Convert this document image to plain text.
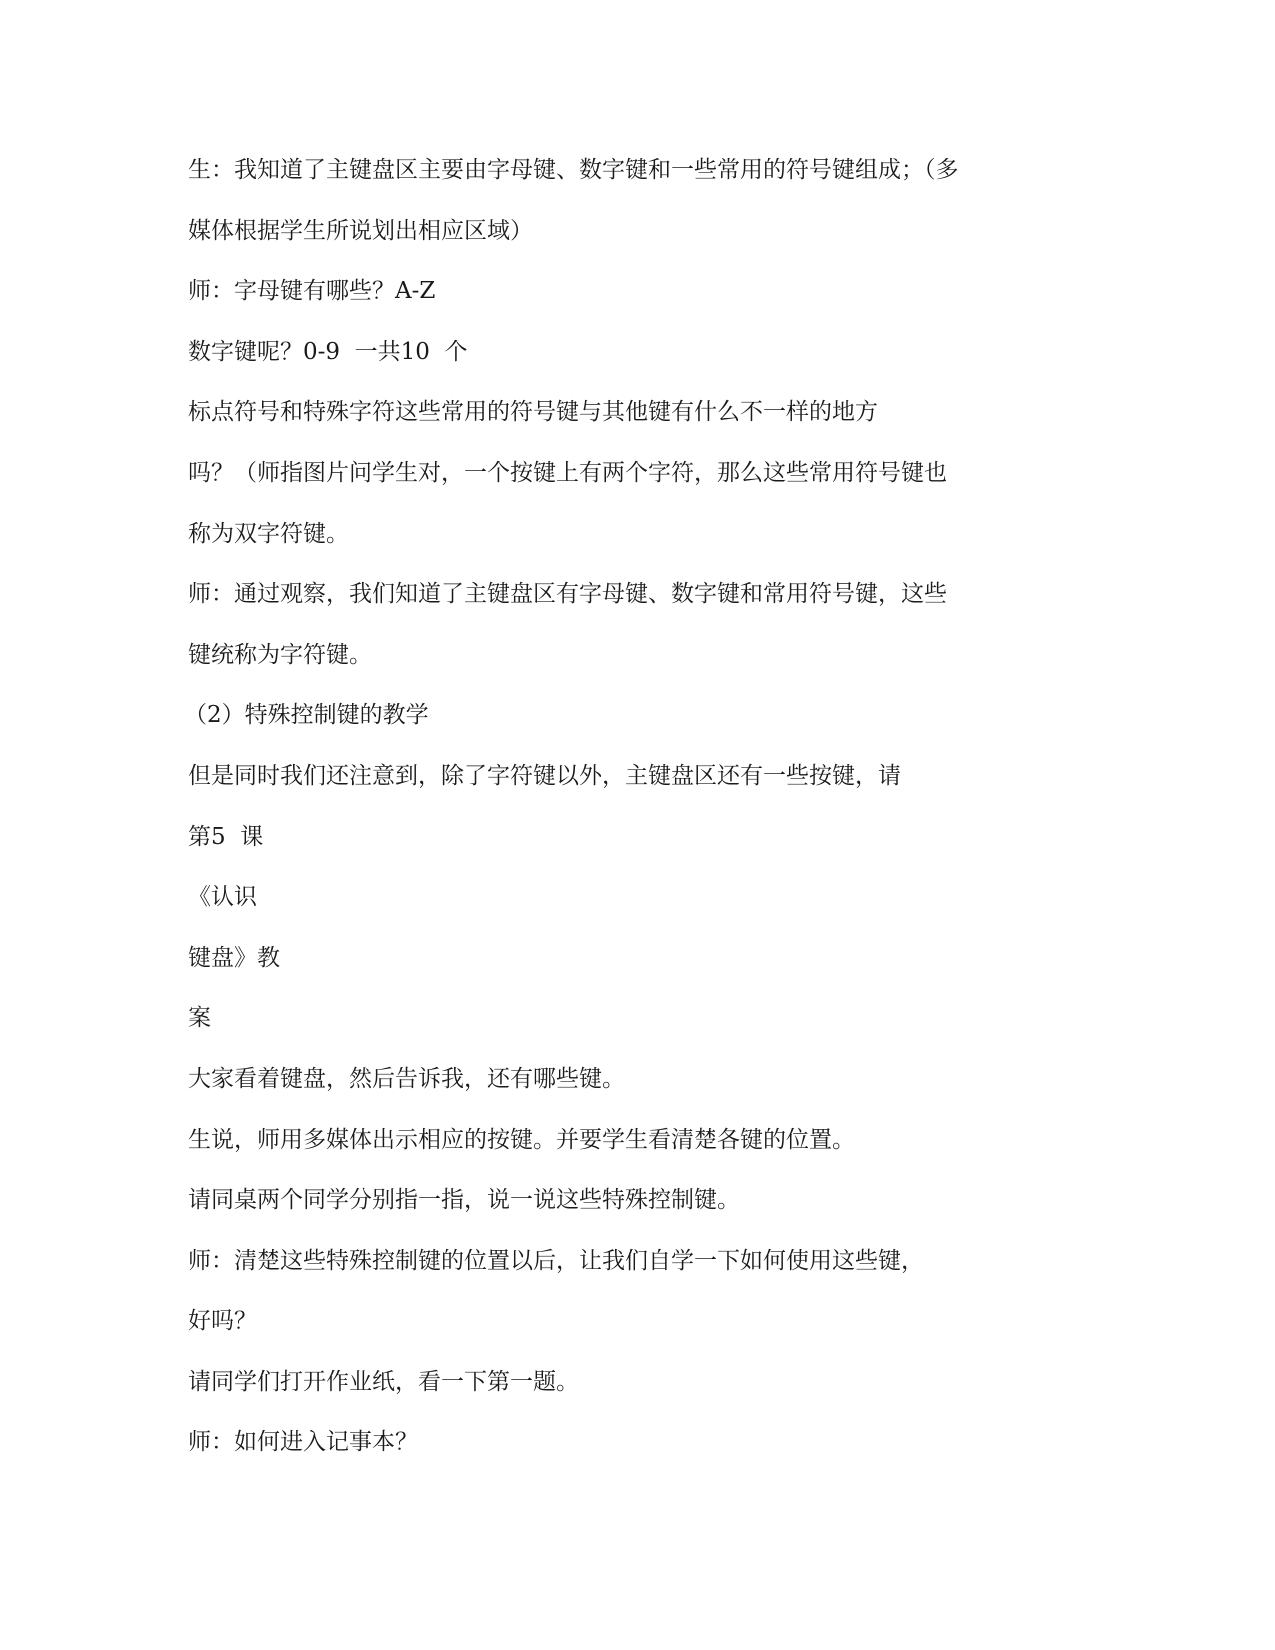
生：我知道了主键盘区主要由字母键、数字键和一些常用的符号键组成；（多

媒体根据学生所说划出相应区域）

师：字母键有哪些？A-Z

数字键呢？0-9  一共10  个

标点符号和特殊字符这些常用的符号键与其他键有什么不一样的地方

吗？（师指图片问学生对，一个按键上有两个字符，那么这些常用符号键也

称为双字符键。

师：通过观察，我们知道了主键盘区有字母键、数字键和常用符号键，这些

键统称为字符键。

（2）特殊控制键的教学

但是同时我们还注意到，除了字符键以外，主键盘区还有一些按键，请

第5  课

《认识

键盘》教

案

大家看着键盘，然后告诉我，还有哪些键。

生说，师用多媒体出示相应的按键。并要学生看清楚各键的位置。

请同桌两个同学分别指一指，说一说这些特殊控制键。

师：清楚这些特殊控制键的位置以后，让我们自学一下如何使用这些键，

好吗？

请同学们打开作业纸，看一下第一题。

师：如何进入记事本？
